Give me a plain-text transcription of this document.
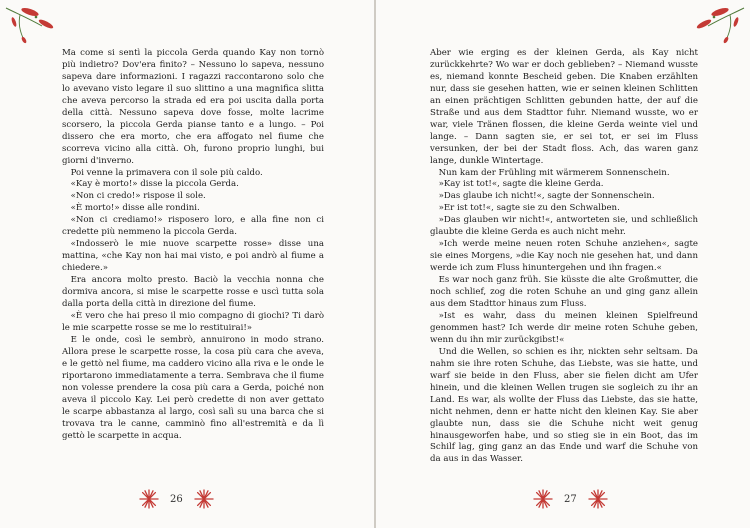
Ma come si sentì la piccola Gerda quando Kay non tornò più indietro? Dov'era finito? – Nessuno lo sapeva, nessuno sapeva dare informazioni. I ragazzi raccontarono solo che lo avevano visto legare il suo slittino a una magnifica slitta che aveva percorso la strada ed era poi uscita dalla porta della città. Nessuno sapeva dove fosse, molte lacrime scorsero, la piccola Gerda pianse tanto e a lungo. – Poi dissero che era morto, che era affogato nel fiume che scorreva vicino alla città. Oh, furono proprio lunghi, bui giorni d'inverno.

Poi venne la primavera con il sole più caldo.

«Kay è morto!» disse la piccola Gerda.

«Non ci credo!» rispose il sole.

«È morto!» disse alle rondini.

«Non ci crediamo!» risposero loro, e alla fine non ci credette più nemmeno la piccola Gerda.

«Indosserò le mie nuove scarpette rosse» disse una mattina, «che Kay non hai mai visto, e poi andrò al fiume a chiedere.»

Era ancora molto presto. Baciò la vecchia nonna che dormiva ancora, si mise le scarpette rosse e uscì tutta sola dalla porta della città in direzione del fiume.

«È vero che hai preso il mio compagno di giochi? Ti darò le mie scarpette rosse se me lo restituirai!»

E le onde, così le sembrò, annuirono in modo strano. Allora prese le scarpette rosse, la cosa più cara che aveva, e le gettò nel fiume, ma caddero vicino alla riva e le onde le riportarono immediatamente a terra. Sembrava che il fiume non volesse prendere la cosa più cara a Gerda, poiché non aveva il piccolo Kay. Lei però credette di non aver gettato le scarpe abbastanza al largo, così salì su una barca che si trovava tra le canne, camminò fino all'estremità e da lì gettò le scarpette in acqua.

26

Aber wie erging es der kleinen Gerda, als Kay nicht zurückkehrte? Wo war er doch geblieben? – Niemand wusste es, niemand konnte Bescheid geben. Die Knaben erzählten nur, dass sie gesehen hatten, wie er seinen kleinen Schlitten an einen prächtigen Schlitten gebunden hatte, der auf die Straße und aus dem Stadttor fuhr. Niemand wusste, wo er war, viele Tränen flossen, die kleine Gerda weinte viel und lange. – Dann sagten sie, er sei tot, er sei im Fluss versunken, der bei der Stadt floss. Ach, das waren ganz lange, dunkle Wintertage.

Nun kam der Frühling mit wärmerem Sonnenschein.

»Kay ist tot!«, sagte die kleine Gerda.

»Das glaube ich nicht!«, sagte der Sonnenschein.

»Er ist tot!«, sagte sie zu den Schwalben.

»Das glauben wir nicht!«, antworteten sie, und schließlich glaubte die kleine Gerda es auch nicht mehr.

»Ich werde meine neuen roten Schuhe anziehen«, sagte sie eines Morgens, »die Kay noch nie gesehen hat, und dann werde ich zum Fluss hinuntergehen und ihn fragen.«

Es war noch ganz früh. Sie küsste die alte Großmutter, die noch schlief, zog die roten Schuhe an und ging ganz allein aus dem Stadttor hinaus zum Fluss.

»Ist es wahr, dass du meinen kleinen Spielfreund genommen hast? Ich werde dir meine roten Schuhe geben, wenn du ihn mir zurückgibst!«

Und die Wellen, so schien es ihr, nickten sehr seltsam. Da nahm sie ihre roten Schuhe, das Liebste, was sie hatte, und warf sie beide in den Fluss, aber sie fielen dicht am Ufer hinein, und die kleinen Wellen trugen sie sogleich zu ihr an Land. Es war, als wollte der Fluss das Liebste, das sie hatte, nicht nehmen, denn er hatte nicht den kleinen Kay. Sie aber glaubte nun, dass sie die Schuhe nicht weit genug hinausgeworfen habe, und so stieg sie in ein Boot, das im Schilf lag, ging ganz an das Ende und warf die Schuhe von da aus in das Wasser.

27
